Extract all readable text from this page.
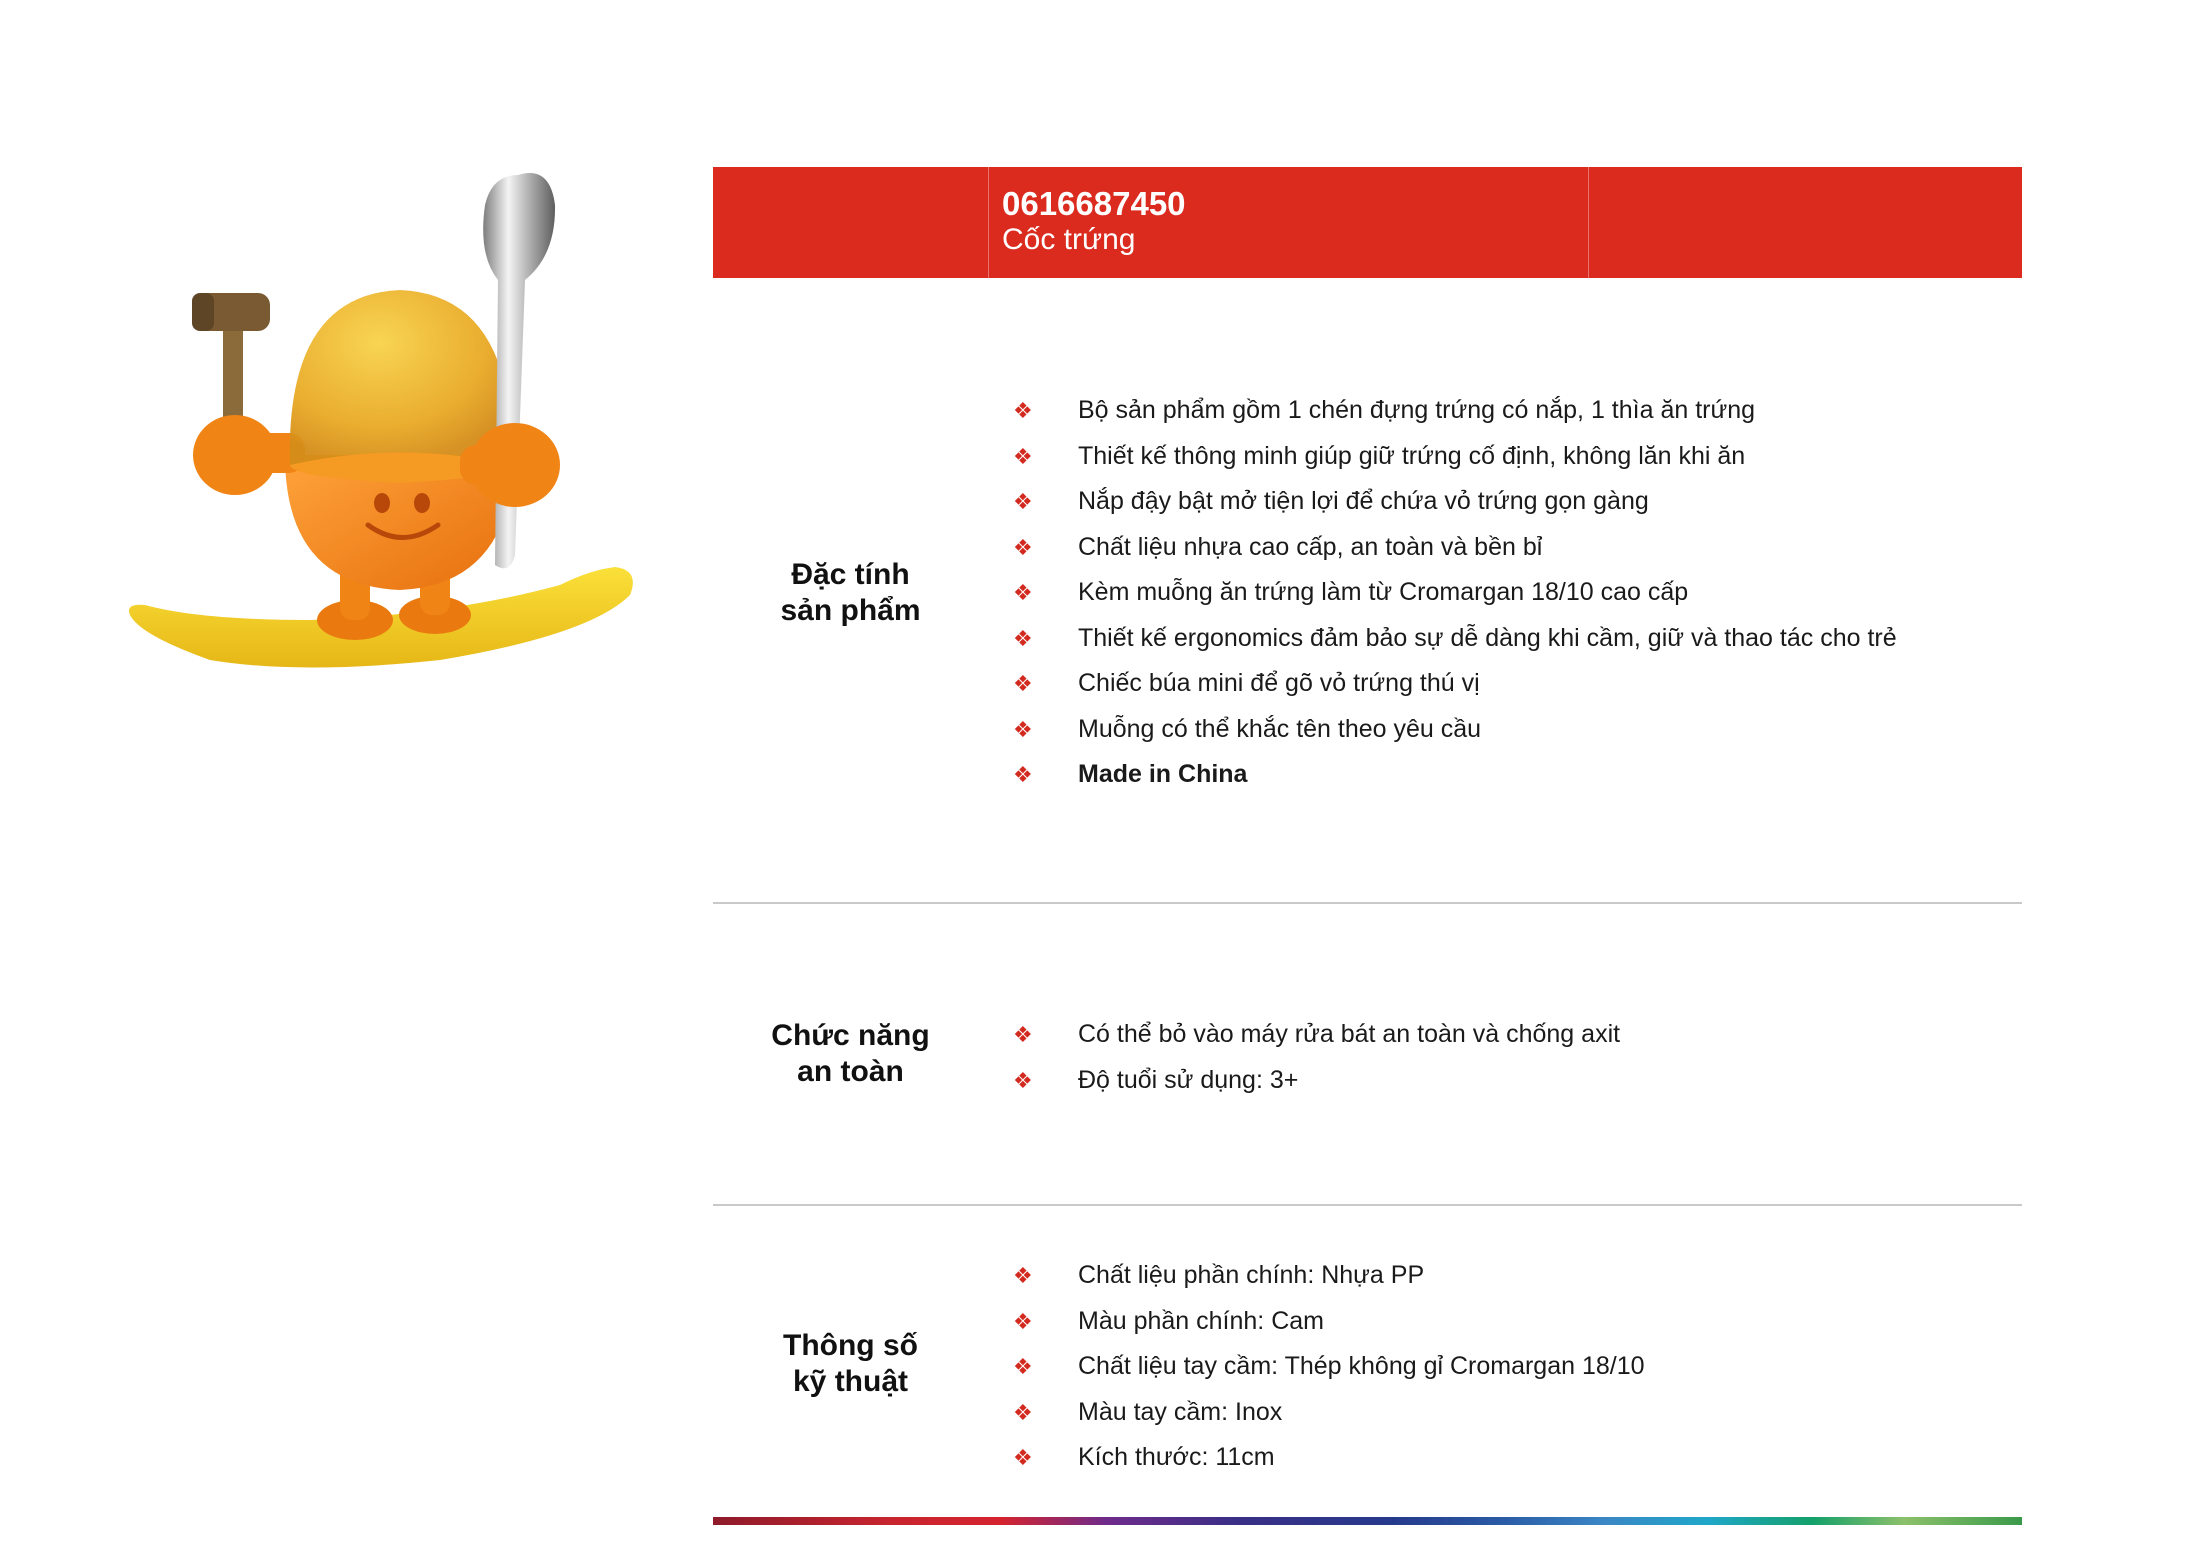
0616687450
Cốc trứng
Đặc tính
sản phẩm
❖ Bộ sản phẩm gồm 1 chén đựng trứng có nắp, 1 thìa ăn trứng
❖ Thiết kế thông minh giúp giữ trứng cố định, không lăn khi ăn
❖ Nắp đậy bật mở tiện lợi để chứa vỏ trứng gọn gàng
❖ Chất liệu nhựa cao cấp, an toàn và bền bỉ
❖ Kèm muỗng ăn trứng làm từ Cromargan 18/10 cao cấp
❖ Thiết kế ergonomics đảm bảo sự dễ dàng khi cầm, giữ và thao tác cho trẻ
❖ Chiếc búa mini để gõ vỏ trứng thú vị
❖ Muỗng có thể khắc tên theo yêu cầu
❖ Made in China
Chức năng
an toàn
❖ Có thể bỏ vào máy rửa bát an toàn và chống axit
❖ Độ tuổi sử dụng: 3+
Thông số
kỹ thuật
❖ Chất liệu phần chính: Nhựa PP
❖ Màu phần chính: Cam
❖ Chất liệu tay cầm: Thép không gỉ Cromargan 18/10
❖ Màu tay cầm: Inox
❖ Kích thước: 11cm
